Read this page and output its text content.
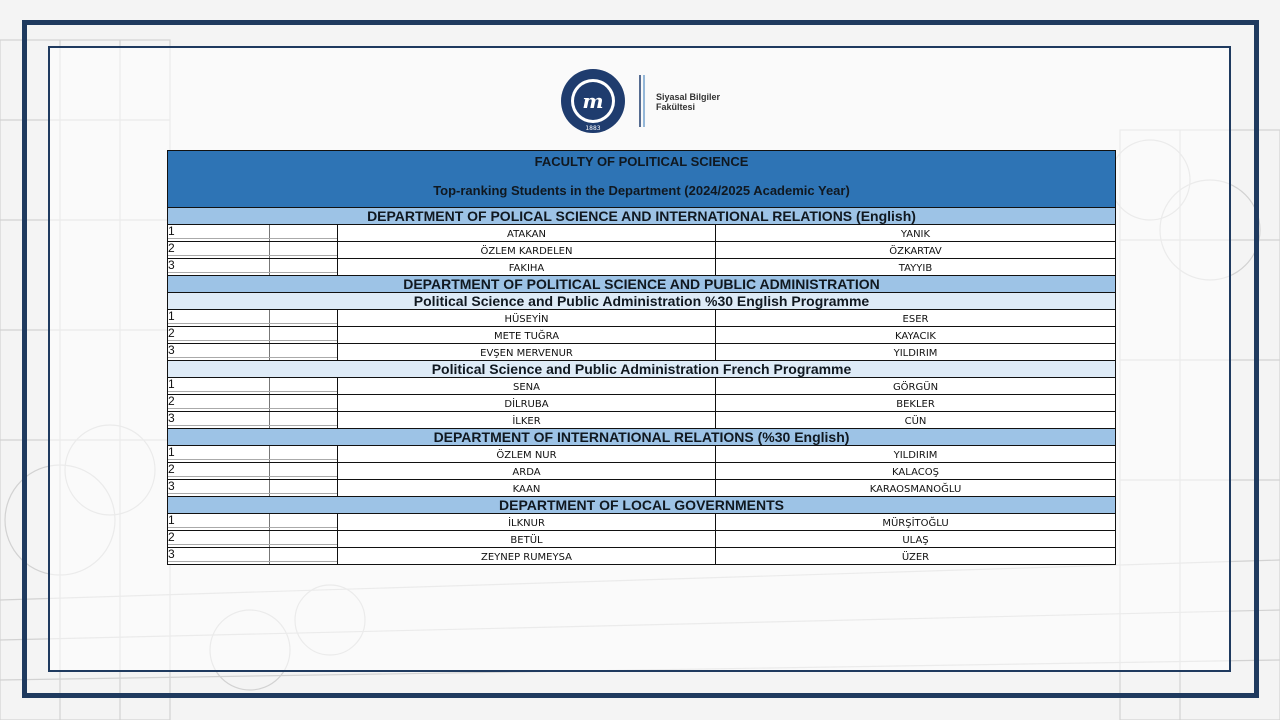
m
1883
Siyasal Bilgiler
Fakültesi
FACULTY OF POLITICAL SCIENCE
Top-ranking Students in the Department (2024/2025 Academic Year)		

DEPARTMENT OF POLICAL SCIENCE AND INTERNATIONAL RELATIONS (English)		

1	ATAKAN	YANIK

2	ÖZLEM KARDELEN	ÖZKARTAV

3	FAKIHA	TAYYIB
DEPARTMENT OF POLITICAL SCIENCE AND PUBLIC ADMINISTRATION		
Political Science and Public Administration %30 English Programme		

1	HÜSEYİN	ESER

2	METE TUĞRA	KAYACIK

3	EVŞEN MERVENUR	YILDIRIM
Political Science and Public Administration French Programme		

1	SENA	GÖRGÜN

2	DİLRUBA	BEKLER

3	İLKER	CÜN
DEPARTMENT OF INTERNATIONAL RELATIONS (%30 English)		

1	ÖZLEM NUR	YILDIRIM

2	ARDA	KALACOŞ

3	KAAN	KARAOSMANOĞLU
DEPARTMENT OF LOCAL GOVERNMENTS		

1	İLKNUR	MÜRŞİTOĞLU

2	BETÜL	ULAŞ

3	ZEYNEP RUMEYSA	ÜZER
